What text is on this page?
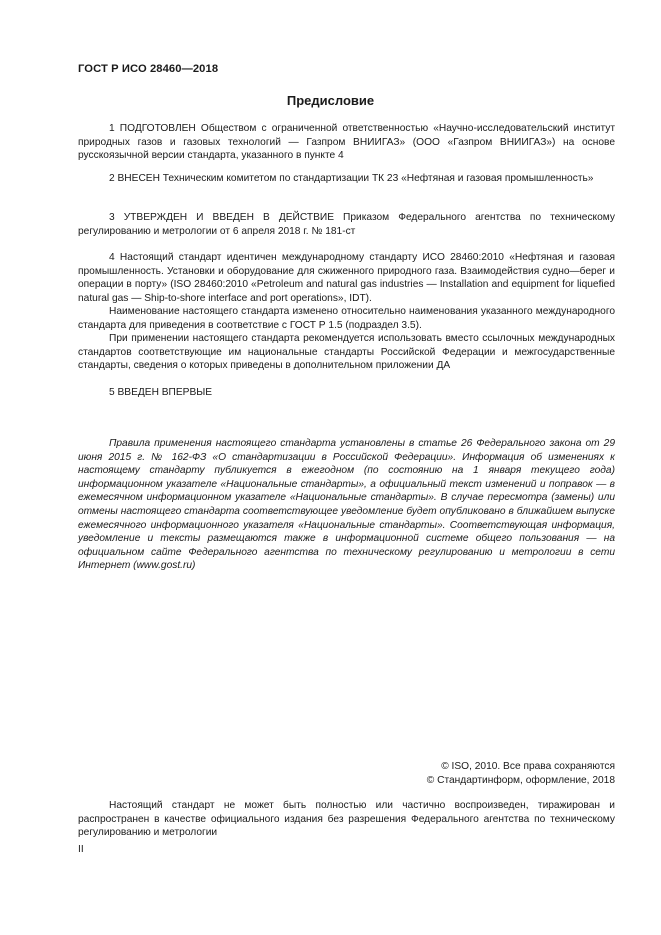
ГОСТ Р ИСО 28460—2018
Предисловие

1 ПОДГОТОВЛЕН Обществом с ограниченной ответственностью «Научно-исследовательский институт природных газов и газовых технологий — Газпром ВНИИГАЗ» (ООО «Газпром ВНИИГАЗ») на основе русскоязычной версии стандарта, указанного в пункте 4

2 ВНЕСЕН Техническим комитетом по стандартизации ТК 23 «Нефтяная и газовая промышленность»

3 УТВЕРЖДЕН И ВВЕДЕН В ДЕЙСТВИЕ Приказом Федерального агентства по техническому регулированию и метрологии от 6 апреля 2018 г. № 181-ст

4 Настоящий стандарт идентичен международному стандарту ИСО 28460:2010 «Нефтяная и газовая промышленность. Установки и оборудование для сжиженного природного газа. Взаимодействия судно—берег и операции в порту» (ISO 28460:2010 «Petroleum and natural gas industries — Installation and equipment for liquefied natural gas — Ship-to-shore interface and port operations», IDT).

Наименование настоящего стандарта изменено относительно наименования указанного международного стандарта для приведения в соответствие с ГОСТ Р 1.5 (подраздел 3.5).

При применении настоящего стандарта рекомендуется использовать вместо ссылочных международных стандартов соответствующие им национальные стандарты Российской Федерации и межгосударственные стандарты, сведения о которых приведены в дополнительном приложении ДА

5 ВВЕДЕН ВПЕРВЫЕ

Правила применения настоящего стандарта установлены в статье 26 Федерального закона от 29 июня 2015 г. № 162-ФЗ «О стандартизации в Российской Федерации». Информация об изменениях к настоящему стандарту публикуется в ежегодном (по состоянию на 1 января текущего года) информационном указателе «Национальные стандарты», а официальный текст изменений и поправок — в ежемесячном информационном указателе «Национальные стандарты». В случае пересмотра (замены) или отмены настоящего стандарта соответствующее уведомление будет опубликовано в ближайшем выпуске ежемесячного информационного указателя «Национальные стандарты». Соответствующая информация, уведомление и тексты размещаются также в информационной системе общего пользования — на официальном сайте Федерального агентства по техническому регулированию и метрологии в сети Интернет (www.gost.ru)

© ISO, 2010. Все права сохраняются
© Стандартинформ, оформление, 2018

Настоящий стандарт не может быть полностью или частично воспроизведен, тиражирован и распространен в качестве официального издания без разрешения Федерального агентства по техническому регулированию и метрологии

II
